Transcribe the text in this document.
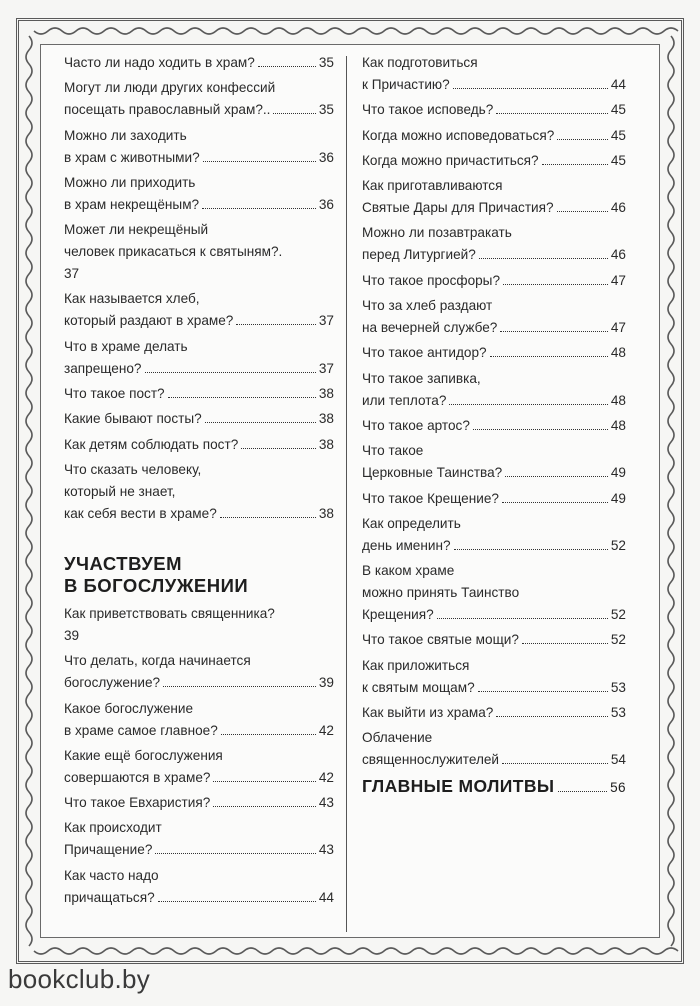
Часто ли надо ходить в храм?	35
Могут ли люди других конфессий
посещать православный храм?..	35
Можно ли заходить
в храм с животными?	36
Можно ли приходить
в храм некрещёным?	36
Может ли некрещёный
человек прикасаться к святыням?.
37
Как называется хлеб,
который раздают в храме?	37
Что в храме делать
запрещено?	37
Что такое пост?	38
Какие бывают посты?	38
Как детям соблюдать пост?	38
Что сказать человеку,
который не знает,
как себя вести в храме?	38
УЧАСТВУЕМ
В БОГОСЛУЖЕНИИ
Как приветствовать священника?
39
Что делать, когда начинается
богослужение?	39
Какое богослужение
в храме самое главное?	42
Какие ещё богослужения
совершаются в храме?	42
Что такое Евхаристия?	43
Как происходит
Причащение?	43
Как часто надо
причащаться?	44
Как подготовиться
к Причастию?	44
Что такое исповедь?	45
Когда можно исповедоваться?	45
Когда можно причаститься?	45
Как приготавливаются
Святые Дары для Причастия?	46
Можно ли позавтракать
перед Литургией?	46
Что такое просфоры?	47
Что за хлеб раздают
на вечерней службе?	47
Что такое антидор?	48
Что такое запивка,
или теплота?	48
Что такое артос?	48
Что такое
Церковные Таинства?	49
Что такое Крещение?	49
Как определить
день именин?	52
В каком храме
можно принять Таинство
Крещения?	52
Что такое святые мощи?	52
Как приложиться
к святым мощам?	53
Как выйти из храма?	53
Облачение
священнослужителей	54
ГЛАВНЫЕ МОЛИТВЫ	56
bookclub.by
